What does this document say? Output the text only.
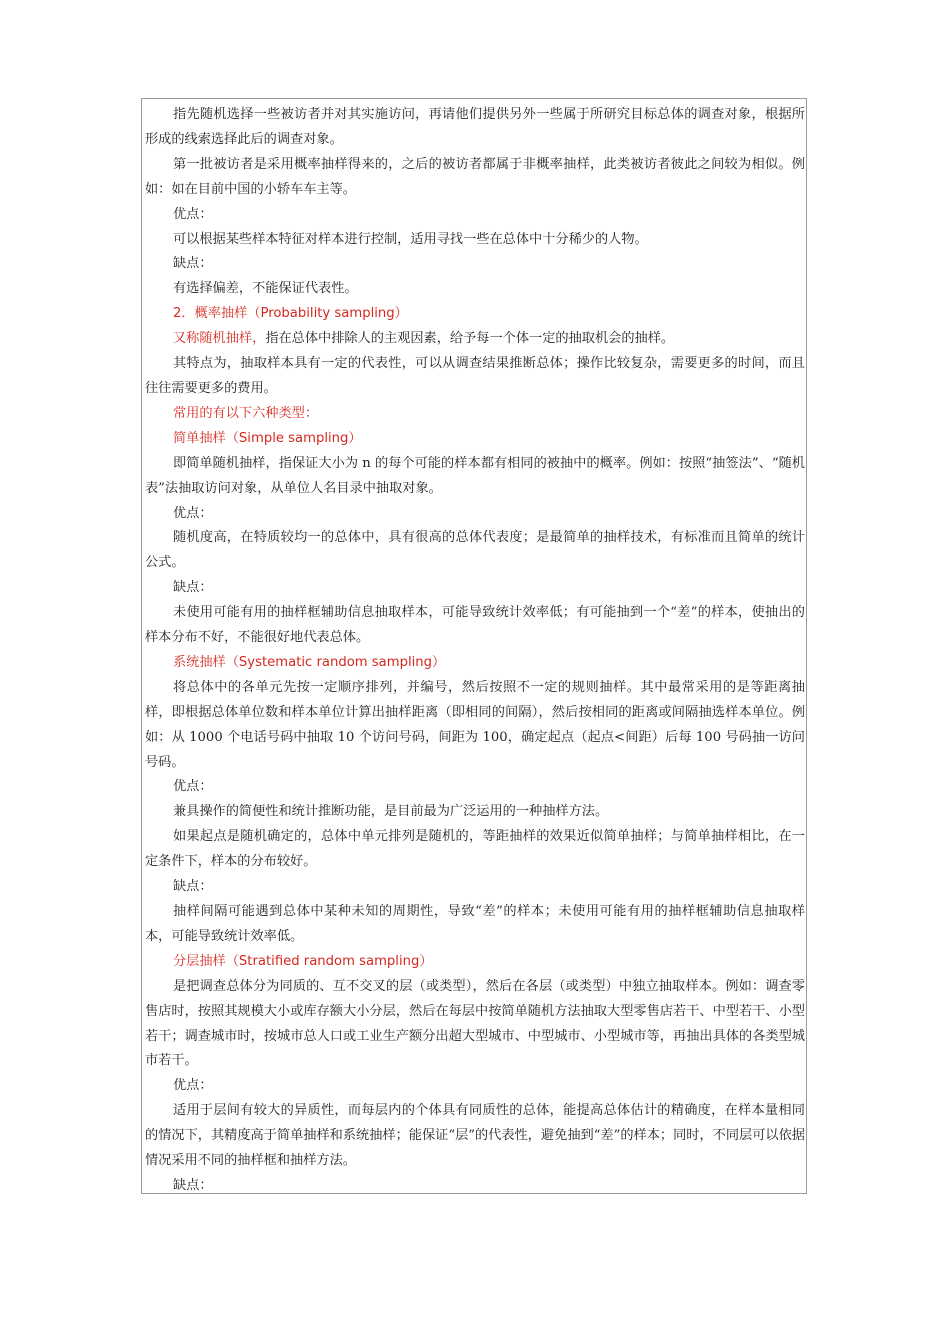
指先随机选择一些被访者并对其实施访问，再请他们提供另外一些属于所研究目标总体的调查对象，根据所形成的线索选择此后的调查对象。

第一批被访者是采用概率抽样得来的，之后的被访者都属于非概率抽样，此类被访者彼此之间较为相似。例如：如在目前中国的小轿车车主等。

优点：

可以根据某些样本特征对样本进行控制，适用寻找一些在总体中十分稀少的人物。

缺点：

有选择偏差，不能保证代表性。

2．概率抽样（Probability sampling）

又称随机抽样，指在总体中排除人的主观因素，给予每一个体一定的抽取机会的抽样。

其特点为，抽取样本具有一定的代表性，可以从调查结果推断总体；操作比较复杂，需要更多的时间，而且往往需要更多的费用。

常用的有以下六种类型：

简单抽样（Simple sampling）

即简单随机抽样，指保证大小为 n 的每个可能的样本都有相同的被抽中的概率。例如：按照“抽签法”、“随机表”法抽取访问对象，从单位人名目录中抽取对象。

优点：

随机度高，在特质较均一的总体中，具有很高的总体代表度；是最简单的抽样技术，有标准而且简单的统计公式。

缺点：

未使用可能有用的抽样框辅助信息抽取样本，可能导致统计效率低；有可能抽到一个“差”的样本，使抽出的样本分布不好，不能很好地代表总体。

系统抽样（Systematic random sampling）

将总体中的各单元先按一定顺序排列，并编号，然后按照不一定的规则抽样。其中最常采用的是等距离抽样，即根据总体单位数和样本单位计算出抽样距离（即相同的间隔），然后按相同的距离或间隔抽选样本单位。例如：从 1000 个电话号码中抽取 10 个访问号码，间距为 100，确定起点（起点<间距）后每 100 号码抽一访问号码。

优点：

兼具操作的简便性和统计推断功能，是目前最为广泛运用的一种抽样方法。

如果起点是随机确定的，总体中单元排列是随机的，等距抽样的效果近似简单抽样；与简单抽样相比，在一定条件下，样本的分布较好。

缺点：

抽样间隔可能遇到总体中某种未知的周期性，导致“差”的样本；未使用可能有用的抽样框辅助信息抽取样本，可能导致统计效率低。

分层抽样（Stratified random sampling）

是把调查总体分为同质的、互不交叉的层（或类型），然后在各层（或类型）中独立抽取样本。例如：调查零售店时，按照其规模大小或库存额大小分层，然后在每层中按简单随机方法抽取大型零售店若干、中型若干、小型若干；调查城市时，按城市总人口或工业生产额分出超大型城市、中型城市、小型城市等，再抽出具体的各类型城市若干。

优点：

适用于层间有较大的异质性，而每层内的个体具有同质性的总体，能提高总体估计的精确度，在样本量相同的情况下，其精度高于简单抽样和系统抽样；能保证“层”的代表性，避免抽到“差”的样本；同时，不同层可以依据情况采用不同的抽样框和抽样方法。

缺点：
